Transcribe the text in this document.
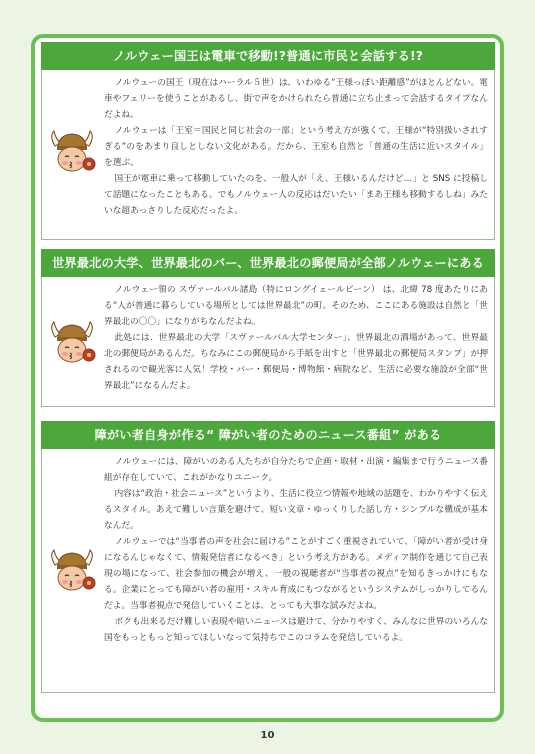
ノルウェー国王は電車で移動!?普通に市民と会話する!?

ノルウェーの国王（現在はハーラル５世）は、いわゆる“王様っぽい距離感”がほとんどない。電車やフェリーを使うことがあるし、街で声をかけられたら普通に立ち止まって会話するタイプなんだよね。

ノルウェーは「王室＝国民と同じ社会の一部」という考え方が強くて、王様が“特別扱いされすぎる”のをあまり良しとしない文化がある。だから、王室も自然と「普通の生活に近いスタイル」を選ぶ。

国王が電車に乗って移動していたのを、一般人が「え、王様いるんだけど…」と SNS に投稿して話題になったこともある。でもノルウェー人の反応はだいたい「まあ王様も移動するしね」みたいな超あっさりした反応だったよ。

世界最北の大学、世界最北のバー、世界最北の郵便局が全部ノルウェーにある

ノルウェー領の スヴァールバル諸島（特にロングイェールビーン） は、北緯 78 度あたりにある“人が普通に暮らしている場所としては世界最北”の町。そのため、ここにある施設は自然と「世界最北の〇〇」になりがちなんだよね。

此処には、世界最北の大学「スヴァールバル大学センター」、世界最北の酒場があって、世界最北の郵便局があるんだ。ちなみにこの郵便局から手紙を出すと「世界最北の郵便局スタンプ」が押されるので観光客に人気！学校・バー・郵便局・博物館・病院など、生活に必要な施設が全部“世界最北”になるんだよ。

障がい者自身が作る“ 障がい者のためのニュース番組” がある

ノルウェーには、障がいのある人たちが自分たちで企画・取材・出演・編集まで行うニュース番組が存在していて、これがかなりユニーク。

内容は“政治・社会ニュース”というより、生活に役立つ情報や地域の話題を、わかりやすく伝えるスタイル。あえて難しい言葉を避けて、短い文章・ゆっくりした話し方・シンプルな構成が基本なんだ。

ノルウェーでは“当事者の声を社会に届ける”ことがすごく重視されていて、「障がい者が受け身になるんじゃなくて、情報発信者になるべき」という考え方がある。メディア制作を通じて自己表現の場になって、社会参加の機会が増え、一般の視聴者が“当事者の視点”を知るきっかけにもなる。企業にとっても障がい者の雇用・スキル育成にもつながるというシステムがしっかりしてるんだよ。当事者視点で発信していくことは、とっても大事な試みだよね。

ボクも出来るだけ難しい表現や暗いニュースは避けて、分かりやすく、みんなに世界のいろんな国をもっともっと知ってほしいなって気持ちでこのコラムを発信しているよ。

10
